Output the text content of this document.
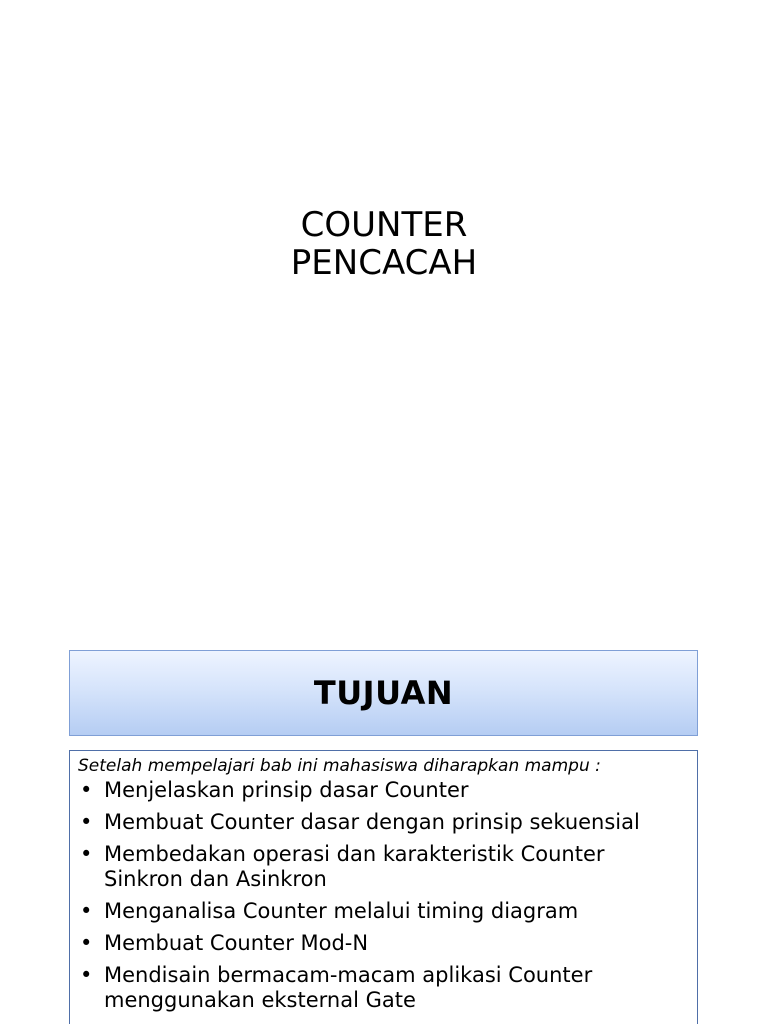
COUNTER
PENCACAH
TUJUAN
Setelah mempelajari bab ini mahasiswa diharapkan mampu :
• Menjelaskan prinsip dasar Counter
• Membuat Counter dasar dengan prinsip sekuensial
• Membedakan operasi dan karakteristik Counter Sinkron dan Asinkron
• Menganalisa Counter melalui timing diagram
• Membuat Counter Mod-N
• Mendisain bermacam-macam aplikasi Counter menggunakan eksternal Gate
